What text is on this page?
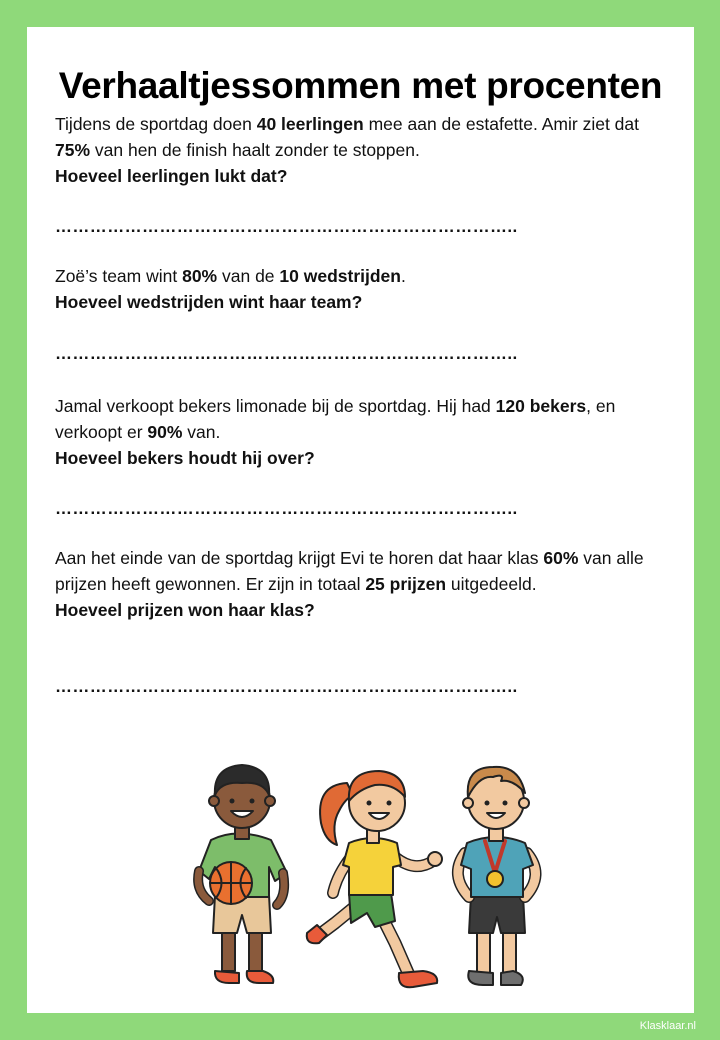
Verhaaltjessommen met procenten
Tijdens de sportdag doen 40 leerlingen mee aan de estafette. Amir ziet dat 75% van hen de finish haalt zonder te stoppen.
Hoeveel leerlingen lukt dat?
……………………………………………………………………..
Zoë’s team wint 80% van de 10 wedstrijden.
Hoeveel wedstrijden wint haar team?
……………………………………………………………………..
Jamal verkoopt bekers limonade bij de sportdag. Hij had 120 bekers, en verkoopt er 90% van.
Hoeveel bekers houdt hij over?
……………………………………………………………………..
Aan het einde van de sportdag krijgt Evi te horen dat haar klas 60% van alle prijzen heeft gewonnen. Er zijn in totaal 25 prijzen uitgedeeld.
Hoeveel prijzen won haar klas?
……………………………………………………………………..
Klasklaar.nl
